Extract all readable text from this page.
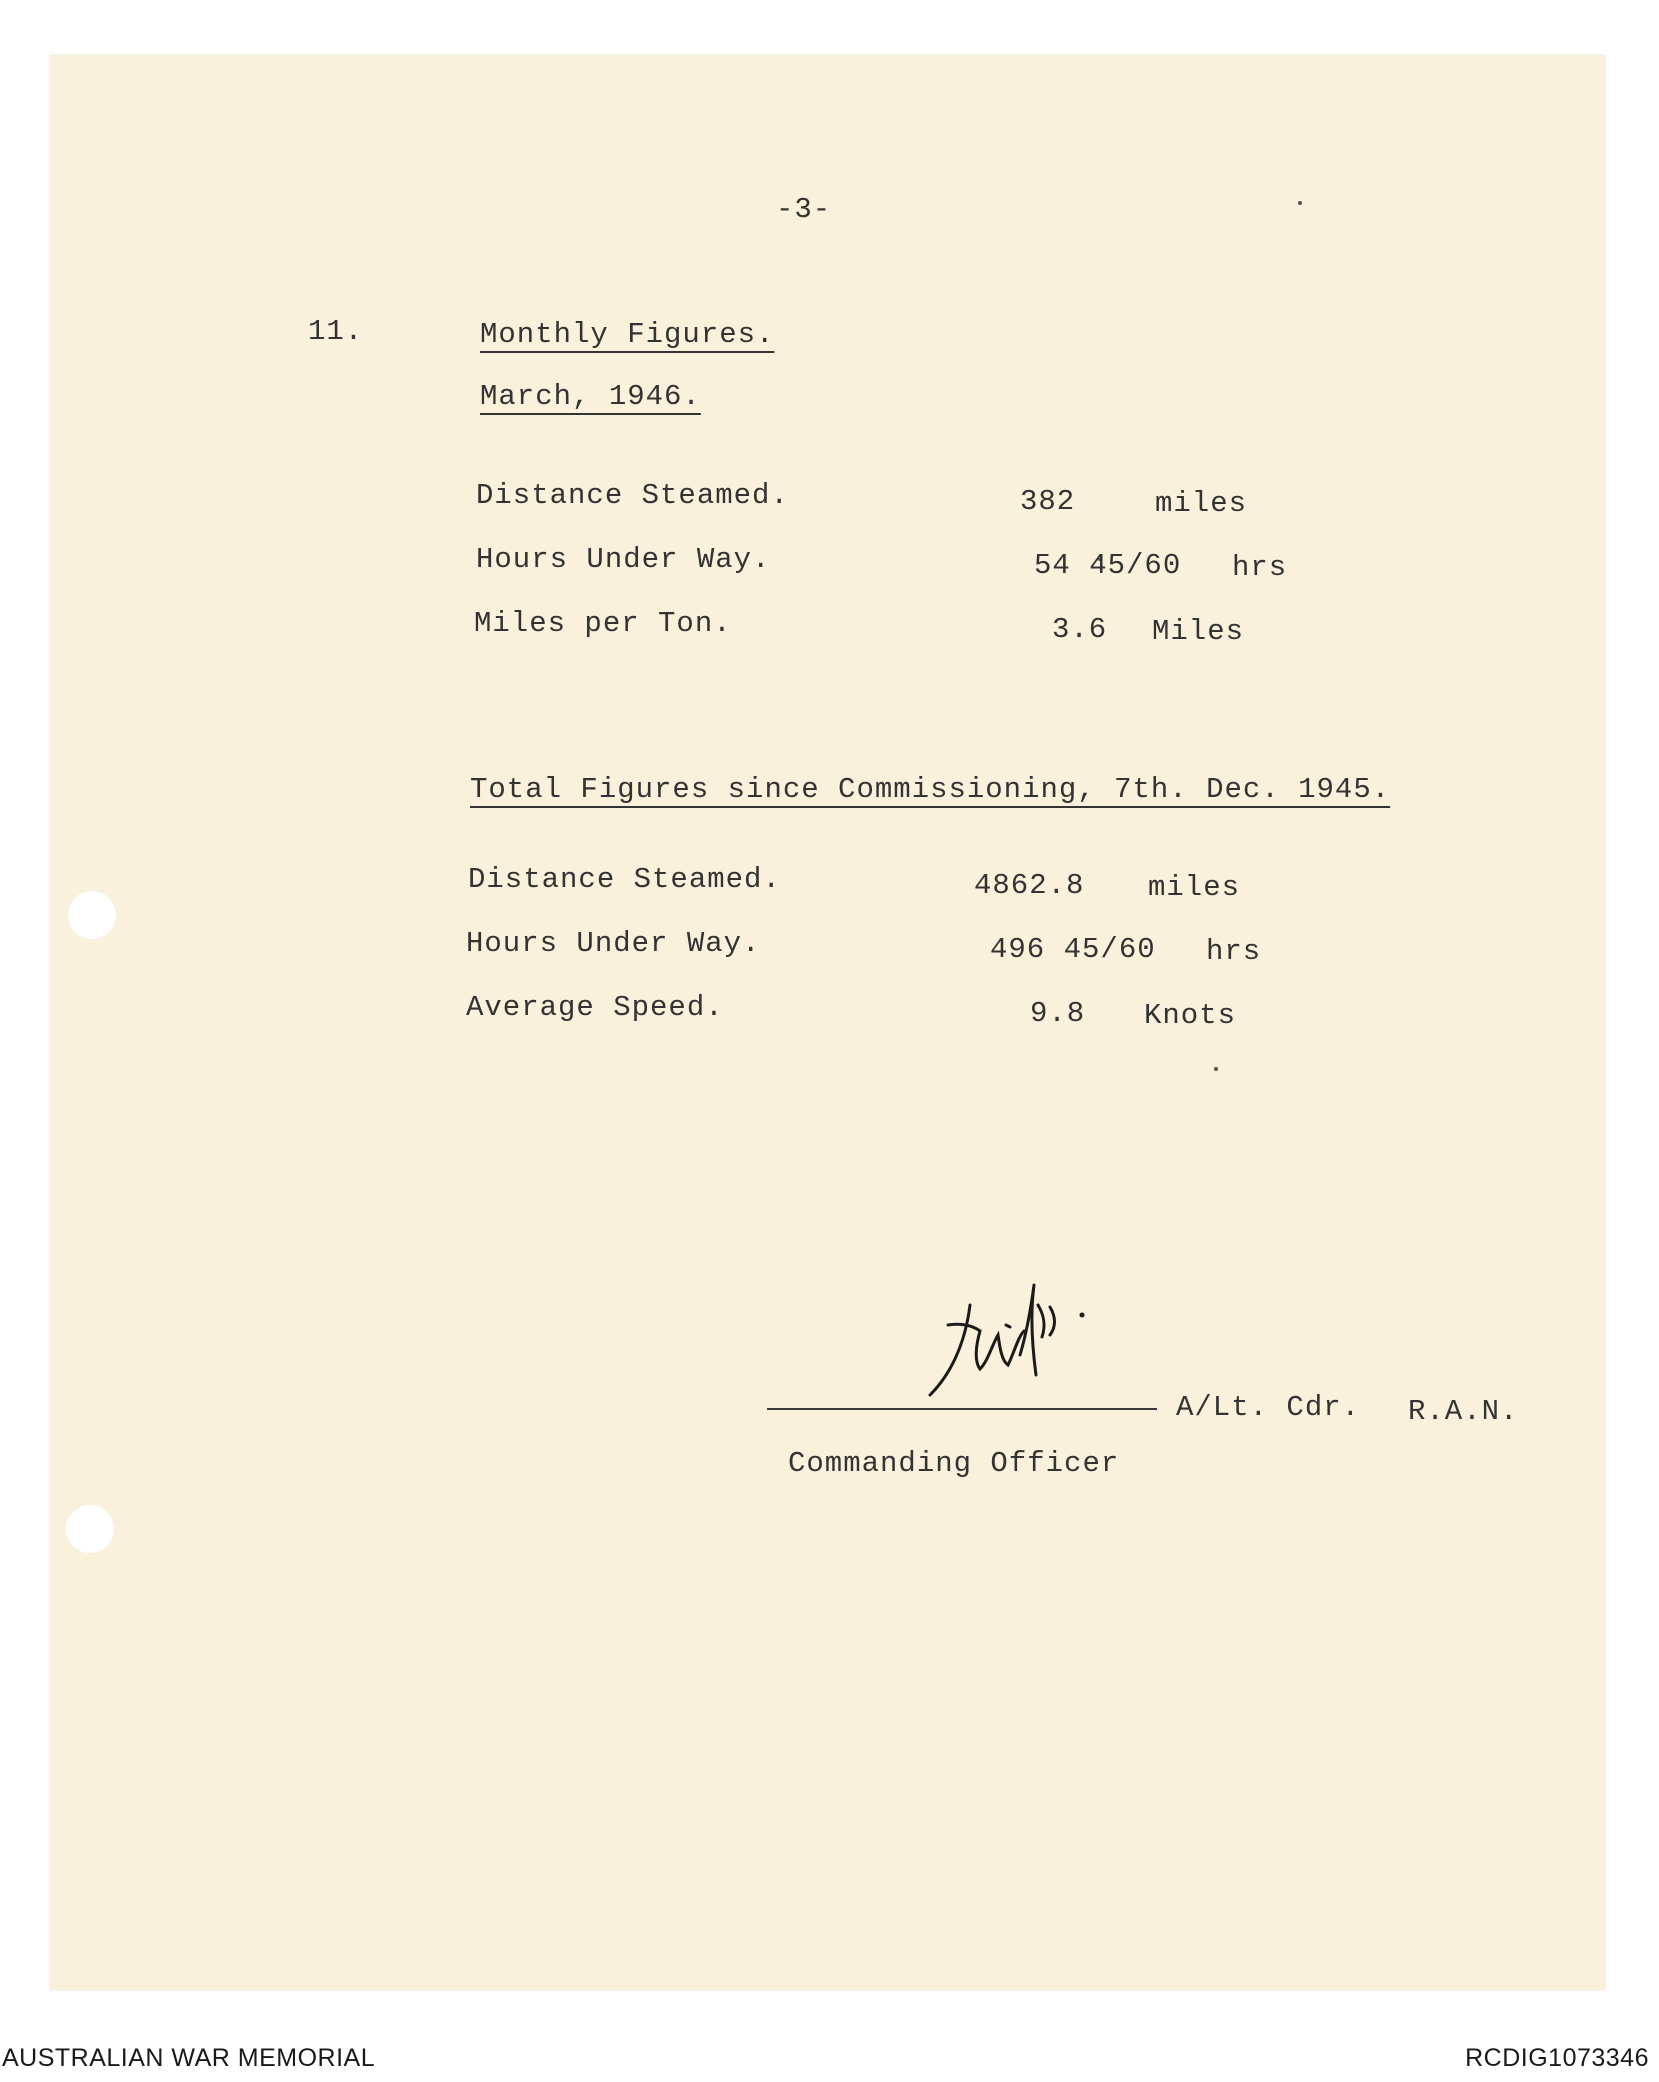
-3-
11.	Monthly Figures.
March, 1946.
Distance Steamed.	382	miles
Hours Under Way.	54 45/60 hrs
Miles per Ton.	3.6 Miles
Total Figures since Commissioning, 7th. Dec. 1945.
Distance Steamed.	4862.8 miles
Hours Under Way.	496 45/60 hrs
Average Speed.	9.8 Knots
A/Lt. Cdr. R.A.N.
Commanding Officer
AUSTRALIAN WAR MEMORIAL	RCDIG1073346
